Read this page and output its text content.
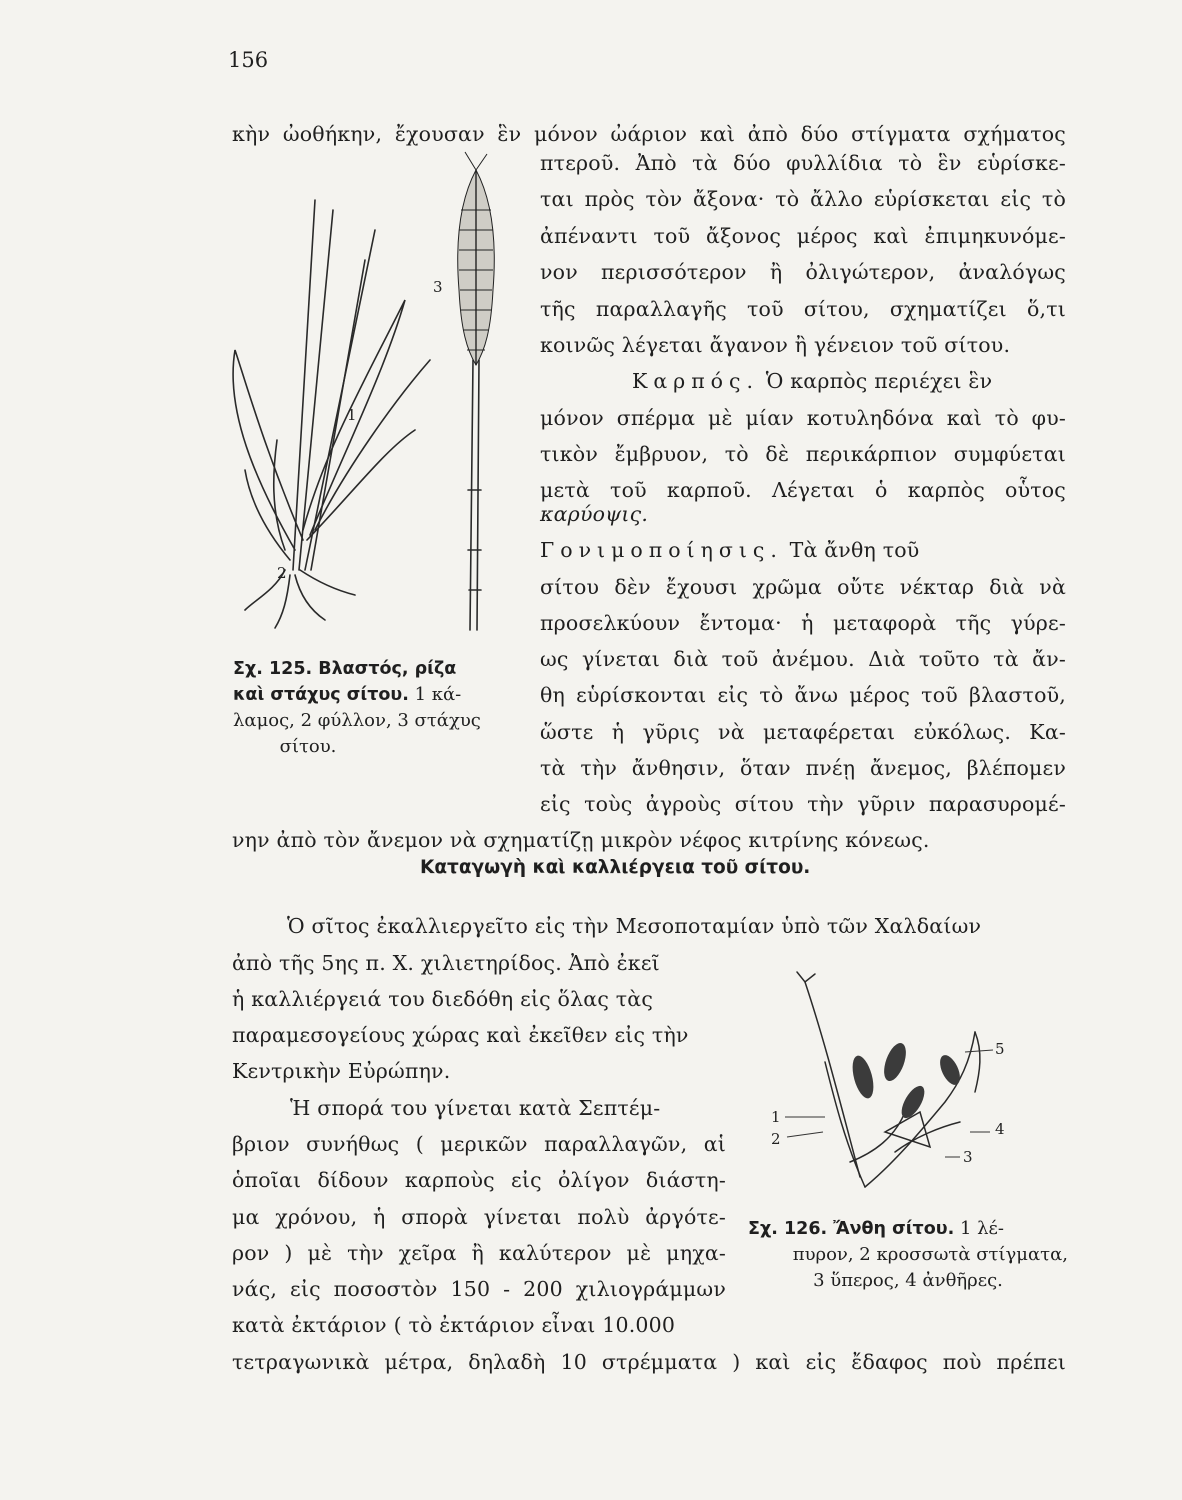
156
κὴν ὠοθήκην, ἔχουσαν ἓν μόνον ὠάριον καὶ ἀπὸ δύο στίγματα σχήματος
πτεροῦ. Ἀπὸ τὰ δύο φυλλίδια τὸ ἓν εὑρίσκε-
ται πρὸς τὸν ἄξονα· τὸ ἄλλο εὑρίσκεται εἰς τὸ
ἀπέναντι τοῦ ἄξονος μέρος καὶ ἐπιμηκυνόμε-
νον περισσότερον ἢ ὀλιγώτερον, ἀναλόγως
τῆς παραλλαγῆς τοῦ σίτου, σχηματίζει ὅ,τι
κοινῶς λέγεται ἄγανον ἢ γένειον τοῦ σίτου.
Καρπός. Ὁ καρπὸς περιέχει ἓν
μόνον σπέρμα μὲ μίαν κοτυληδόνα καὶ τὸ φυ-
τικὸν ἔμβρυον, τὸ δὲ περικάρπιον συμφύεται
μετὰ τοῦ καρποῦ. Λέγεται ὁ καρπὸς οὗτος
καρύοψις.
Γονιμοποίησις. Τὰ ἄνθη τοῦ
σίτου δὲν ἔχουσι χρῶμα οὔτε νέκταρ διὰ νὰ
προσελκύουν ἔντομα· ἡ μεταφορὰ τῆς γύρε-
ως γίνεται διὰ τοῦ ἀνέμου. Διὰ τοῦτο τὰ ἄν-
θη εὑρίσκονται εἰς τὸ ἄνω μέρος τοῦ βλαστοῦ,
ὥστε ἡ γῦρις νὰ μεταφέρεται εὐκόλως. Κα-
τὰ τὴν ἄνθησιν, ὅταν πνέῃ ἄνεμος, βλέπομεν
εἰς τοὺς ἀγροὺς σίτου τὴν γῦριν παρασυρομέ-
νην ἀπὸ τὸν ἄνεμον νὰ σχηματίζῃ μικρὸν νέφος κιτρίνης κόνεως.
3
1
2
Σχ. 125. Βλαστός, ρίζα
καὶ στάχυς σίτου. 1 κά-
λαμος, 2 φύλλον, 3 στάχυς
σίτου.
Καταγωγὴ καὶ καλλιέργεια τοῦ σίτου.
Ὁ σῖτος ἐκαλλιεργεῖτο εἰς τὴν Μεσοποταμίαν ὑπὸ τῶν Χαλδαίων
ἀπὸ τῆς 5ης π. Χ. χιλιετηρίδος. Ἀπὸ ἐκεῖ
ἡ καλλιέργειά του διεδόθη εἰς ὅλας τὰς
παραμεσογείους χώρας καὶ ἐκεῖθεν εἰς τὴν
Κεντρικὴν Εὐρώπην.
Ἡ σπορά του γίνεται κατὰ Σεπτέμ-
βριον συνήθως ( μερικῶν παραλλαγῶν, αἱ
ὁποῖαι δίδουν καρποὺς εἰς ὀλίγον διάστη-
μα χρόνου, ἡ σπορὰ γίνεται πολὺ ἀργότε-
ρον ) μὲ τὴν χεῖρα ἢ καλύτερον μὲ μηχα-
νάς, εἰς ποσοστὸν 150 - 200 χιλιογράμμων
κατὰ ἐκτάριον ( τὸ ἐκτάριον εἶναι 10.000
τετραγωνικὰ μέτρα, δηλαδὴ 10 στρέμματα ) καὶ εἰς ἔδαφος ποὺ πρέπει
1
2
5
4
3
Σχ. 126. Ἄνθη σίτου. 1 λέ-
πυρον, 2 κροσσωτὰ στίγματα,
3 ὕπερος, 4 ἀνθῆρες.
